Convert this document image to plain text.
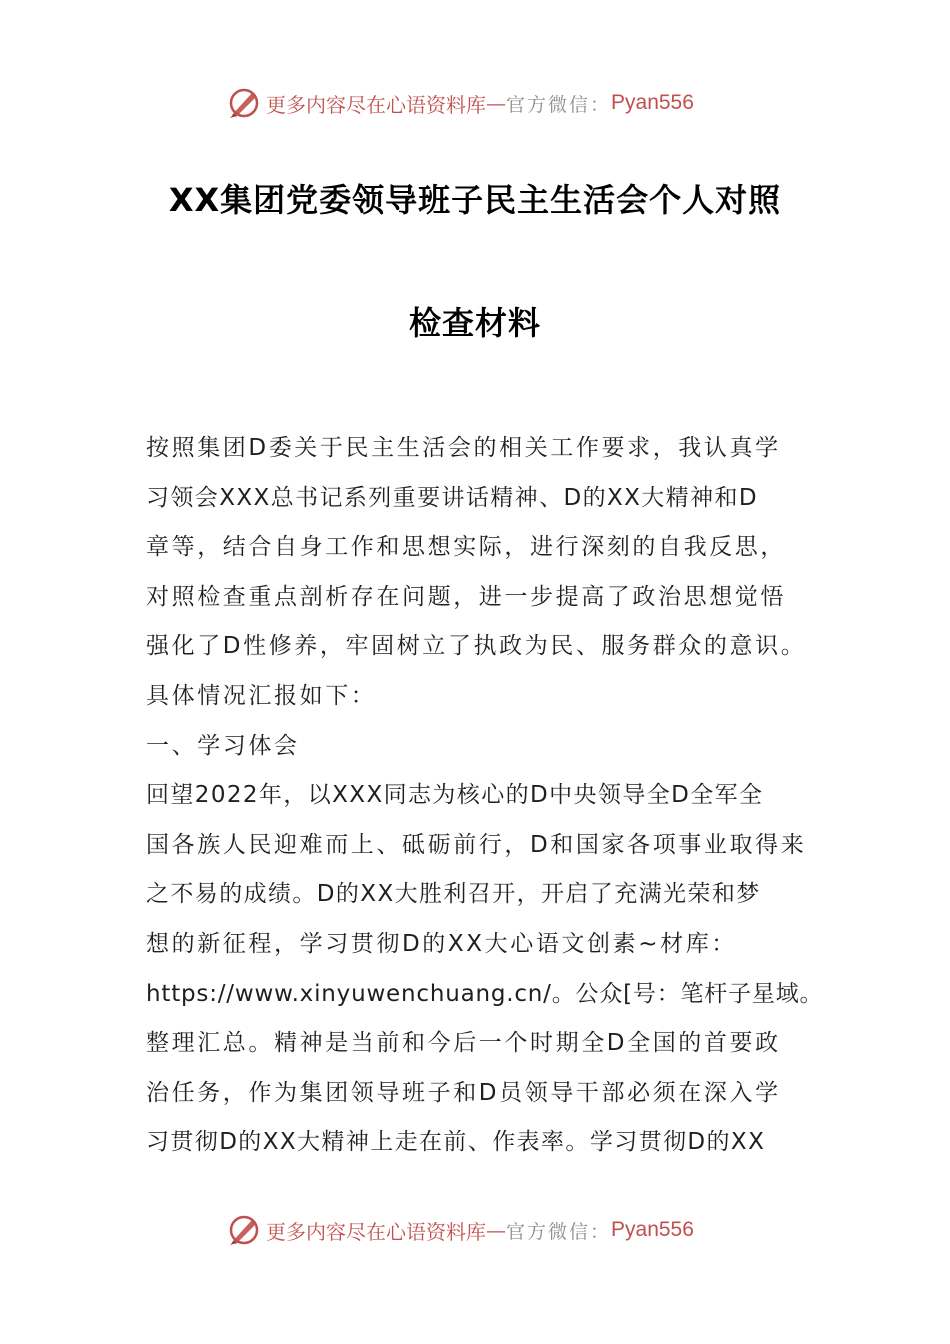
更多内容尽在心语资料库 — 官方微信： Pyan556
XX集团党委领导班子民主生活会个人对照
检查材料
按照集团D委关于民主生活会的相关工作要求，我认真学
习领会XXX总书记系列重要讲话精神、D的XX大精神和D
章等，结合自身工作和思想实际，进行深刻的自我反思，
对照检查重点剖析存在问题，进一步提高了政治思想觉悟
强化了D性修养，牢固树立了执政为民、服务群众的意识。
具体情况汇报如下：
一、学习体会
回望2022年，以XXX同志为核心的D中央领导全D全军全
国各族人民迎难而上、砥砺前行，D和国家各项事业取得来
之不易的成绩。D的XX大胜利召开，开启了充满光荣和梦
想的新征程，学习贯彻D的XX大心语文创素~材库：
https://www.xinyuwenchuang.cn/。公众[号：笔杆子星域。
整理汇总。精神是当前和今后一个时期全D全国的首要政
治任务，作为集团领导班子和D员领导干部必须在深入学
习贯彻D的XX大精神上走在前、作表率。学习贯彻D的XX
更多内容尽在心语资料库 — 官方微信： Pyan556
